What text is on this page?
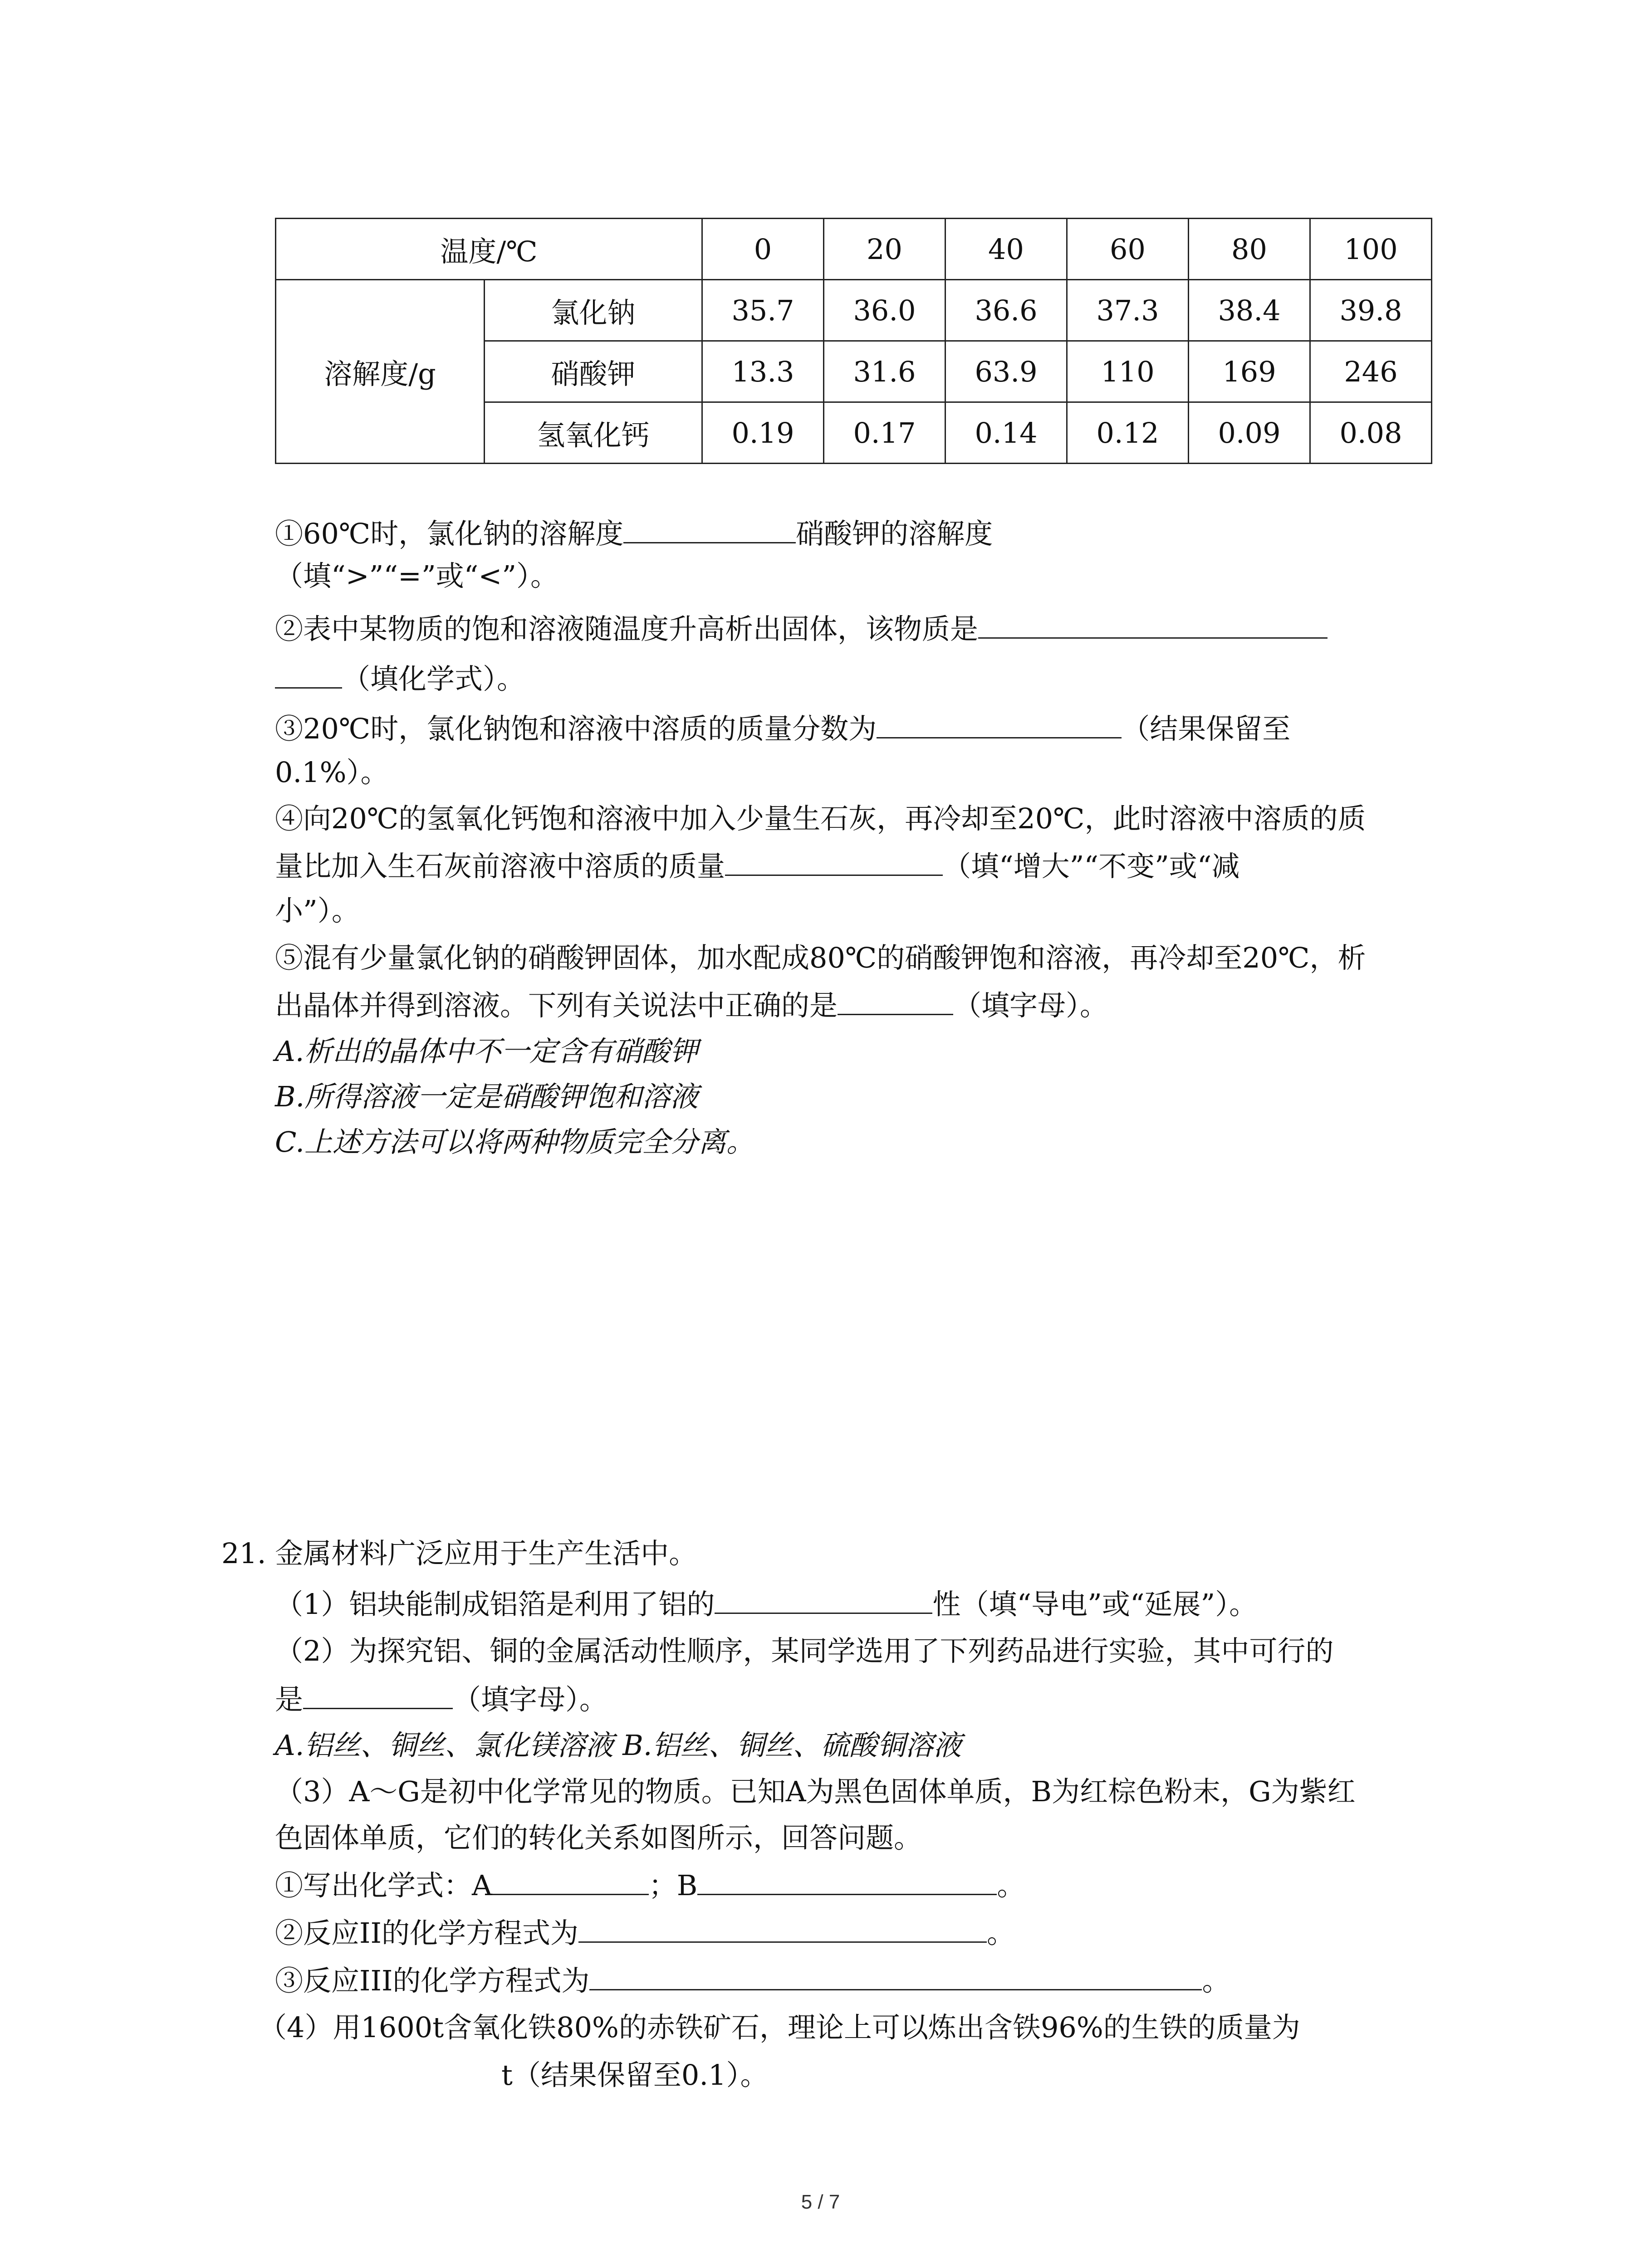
温度/℃		0	20	40	60	80	100
溶解度/g	氯化钠	35.7	36.0	36.6	37.3	38.4	39.8
	硝酸钾	13.3	31.6	63.9	110	169	246
	氢氧化钙	0.19	0.17	0.14	0.12	0.09	0.08
①60℃时，氯化钠的溶解度	硝酸钾的溶解度
（填“>”“=”或“<”）。
②表中某物质的饱和溶液随温度升高析出固体，该物质是
（填化学式）。
③20℃时，氯化钠饱和溶液中溶质的质量分数为	（结果保留至
0.1%）。
④向20℃的氢氧化钙饱和溶液中加入少量生石灰，再冷却至20℃，此时溶液中溶质的质
量比加入生石灰前溶液中溶质的质量	（填“增大”“不变”或“减
小”）。
⑤混有少量氯化钠的硝酸钾固体，加水配成80℃的硝酸钾饱和溶液，再冷却至20℃，析
出晶体并得到溶液。下列有关说法中正确的是	（填字母）。
A.析出的晶体中不一定含有硝酸钾
B.所得溶液一定是硝酸钾饱和溶液
C.上述方法可以将两种物质完全分离。
21. 金属材料广泛应用于生产生活中。
（1）铝块能制成铝箔是利用了铝的	性（填“导电”或“延展”）。
（2）为探究铝、铜的金属活动性顺序，某同学选用了下列药品进行实验，其中可行的
是	（填字母）。
A.铝丝、铜丝、氯化镁溶液 B.铝丝、铜丝、硫酸铜溶液
（3）A～G是初中化学常见的物质。已知A为黑色固体单质，B为红棕色粉末，G为紫红
色固体单质，它们的转化关系如图所示，回答问题。
①写出化学式：A	；B	。
②反应II的化学方程式为	。
③反应III的化学方程式为	。
（4）用1600t含氧化铁80%的赤铁矿石，理论上可以炼出含铁96%的生铁的质量为
t（结果保留至0.1）。
5 / 7
